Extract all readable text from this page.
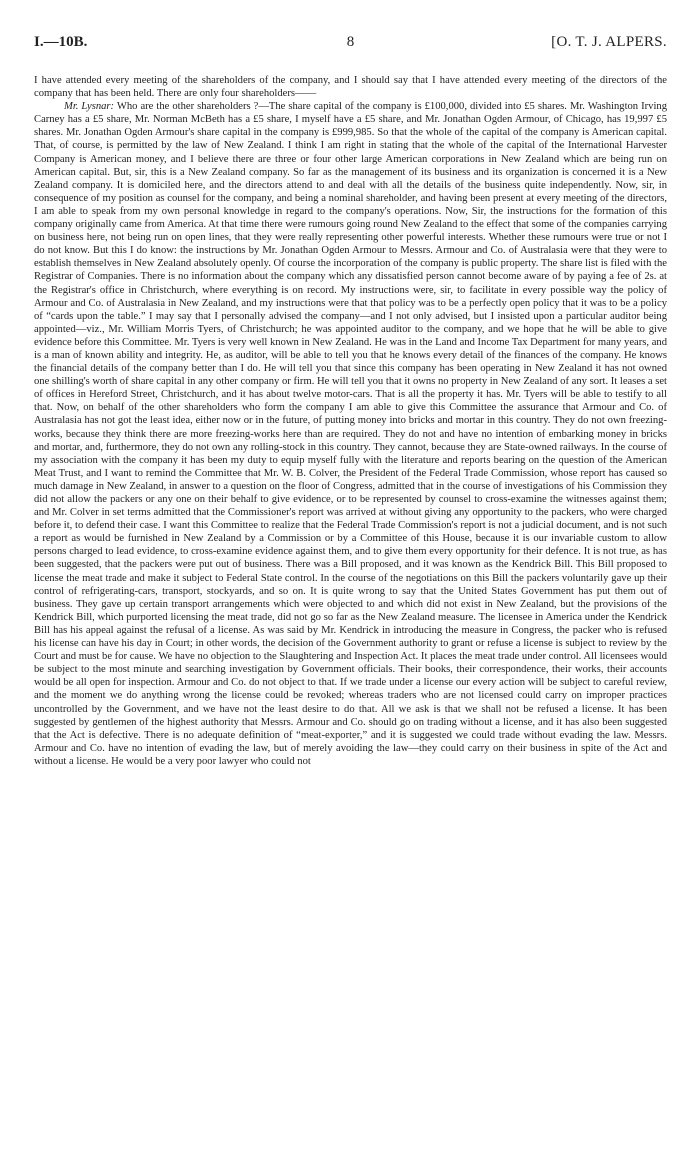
I.—10B.	8	[O. T. J. ALPERS.

I have attended every meeting of the shareholders of the company, and I should say that I have attended every meeting of the directors of the company that has been held. There are only four shareholders——

Mr. Lysnar: Who are the other shareholders ?—The share capital of the company is £100,000, divided into £5 shares. Mr. Washington Irving Carney has a £5 share, Mr. Norman McBeth has a £5 share, I myself have a £5 share, and Mr. Jonathan Ogden Armour, of Chicago, has 19,997 £5 shares. Mr. Jonathan Ogden Armour's share capital in the company is £999,985. So that the whole of the capital of the company is American capital. That, of course, is permitted by the law of New Zealand. I think I am right in stating that the whole of the capital of the International Harvester Company is American money, and I believe there are three or four other large American corporations in New Zealand which are being run on American capital. But, sir, this is a New Zealand company. So far as the management of its business and its organization is concerned it is a New Zealand company. It is domiciled here, and the directors attend to and deal with all the details of the business quite independently. Now, sir, in consequence of my position as counsel for the company, and being a nominal shareholder, and having been present at every meeting of the directors, I am able to speak from my own personal knowledge in regard to the company's operations. Now, Sir, the instructions for the formation of this company originally came from America. At that time there were rumours going round New Zealand to the effect that some of the companies carrying on business here, not being run on open lines, that they were really representing other powerful interests. Whether these rumours were true or not I do not know. But this I do know: the instructions by Mr. Jonathan Ogden Armour to Messrs. Armour and Co. of Australasia were that they were to establish themselves in New Zealand absolutely openly. Of course the incorporation of the company is public property. The share list is filed with the Registrar of Companies. There is no information about the company which any dissatisfied person cannot become aware of by paying a fee of 2s. at the Registrar's office in Christchurch, where everything is on record. My instructions were, sir, to facilitate in every possible way the policy of Armour and Co. of Australasia in New Zealand, and my instructions were that that policy was to be a perfectly open policy that it was to be a policy of “cards upon the table.” I may say that I personally advised the company—and I not only advised, but I insisted upon a particular auditor being appointed—viz., Mr. William Morris Tyers, of Christchurch; he was appointed auditor to the company, and we hope that he will be able to give evidence before this Committee. Mr. Tyers is very well known in New Zealand. He was in the Land and Income Tax Department for many years, and is a man of known ability and integrity. He, as auditor, will be able to tell you that he knows every detail of the finances of the company. He knows the financial details of the company better than I do. He will tell you that since this company has been operating in New Zealand it has not owned one shilling's worth of share capital in any other company or firm. He will tell you that it owns no property in New Zealand of any sort. It leases a set of offices in Hereford Street, Christchurch, and it has about twelve motor-cars. That is all the property it has. Mr. Tyers will be able to testify to all that. Now, on behalf of the other shareholders who form the company I am able to give this Committee the assurance that Armour and Co. of Australasia has not got the least idea, either now or in the future, of putting money into bricks and mortar in this country. They do not own freezing-works, because they think there are more freezing-works here than are required. They do not and have no intention of embarking money in bricks and mortar, and, furthermore, they do not own any rolling-stock in this country. They cannot, because they are State-owned railways. In the course of my association with the company it has been my duty to equip myself fully with the literature and reports bearing on the question of the American Meat Trust, and I want to remind the Committee that Mr. W. B. Colver, the President of the Federal Trade Commission, whose report has caused so much damage in New Zealand, in answer to a question on the floor of Congress, admitted that in the course of investigations of his Commission they did not allow the packers or any one on their behalf to give evidence, or to be represented by counsel to cross-examine the witnesses against them; and Mr. Colver in set terms admitted that the Commissioner's report was arrived at without giving any opportunity to the packers, who were charged before it, to defend their case. I want this Committee to realize that the Federal Trade Commission's report is not a judicial document, and is not such a report as would be furnished in New Zealand by a Commission or by a Committee of this House, because it is our invariable custom to allow persons charged to lead evidence, to cross-examine evidence against them, and to give them every opportunity for their defence. It is not true, as has been suggested, that the packers were put out of business. There was a Bill proposed, and it was known as the Kendrick Bill. This Bill proposed to license the meat trade and make it subject to Federal State control. In the course of the negotiations on this Bill the packers voluntarily gave up their control of refrigerating-cars, transport, stockyards, and so on. It is quite wrong to say that the United States Government has put them out of business. They gave up certain transport arrangements which were objected to and which did not exist in New Zealand, but the provisions of the Kendrick Bill, which purported licensing the meat trade, did not go so far as the New Zealand measure. The licensee in America under the Kendrick Bill has his appeal against the refusal of a license. As was said by Mr. Kendrick in introducing the measure in Congress, the packer who is refused his license can have his day in Court; in other words, the decision of the Government authority to grant or refuse a license is subject to review by the Court and must be for cause. We have no objection to the Slaughtering and Inspection Act. It places the meat trade under control. All licensees would be subject to the most minute and searching investigation by Government officials. Their books, their correspondence, their works, their accounts would be all open for inspection. Armour and Co. do not object to that. If we trade under a license our every action will be subject to careful review, and the moment we do anything wrong the license could be revoked; whereas traders who are not licensed could carry on improper practices uncontrolled by the Government, and we have not the least desire to do that. All we ask is that we shall not be refused a license. It has been suggested by gentlemen of the highest authority that Messrs. Armour and Co. should go on trading without a license, and it has also been suggested that the Act is defective. There is no adequate definition of “meat-exporter,” and it is suggested we could trade without evading the law. Messrs. Armour and Co. have no intention of evading the law, but of merely avoiding the law—they could carry on their business in spite of the Act and without a license. He would be a very poor lawyer who could not
